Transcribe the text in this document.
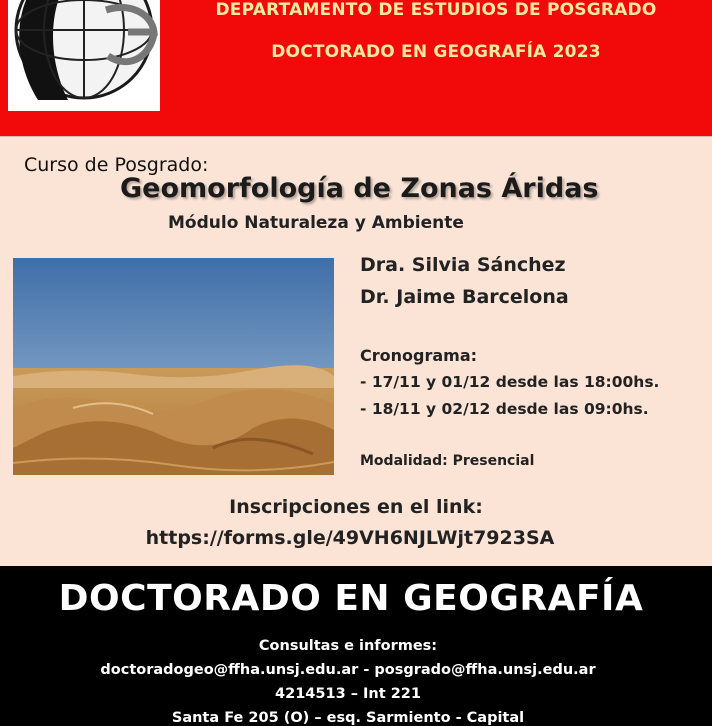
DEPARTAMENTO DE ESTUDIOS DE POSGRADO
DOCTORADO EN GEOGRAFÍA 2023
Curso de Posgrado:
Geomorfología de Zonas Áridas
Módulo Naturaleza y Ambiente
Dra. Silvia Sánchez
Dr. Jaime Barcelona
Cronograma:
- 17/11 y 01/12 desde las 18:00hs.
- 18/11 y 02/12 desde las 09:0hs.
Modalidad: Presencial
Inscripciones en el link:
https://forms.gle/49VH6NJLWjt7923SA
DOCTORADO EN GEOGRAFÍA
Consultas e informes:
doctoradogeo@ffha.unsj.edu.ar - posgrado@ffha.unsj.edu.ar
4214513 – Int 221
Santa Fe 205 (O) – esq. Sarmiento - Capital
